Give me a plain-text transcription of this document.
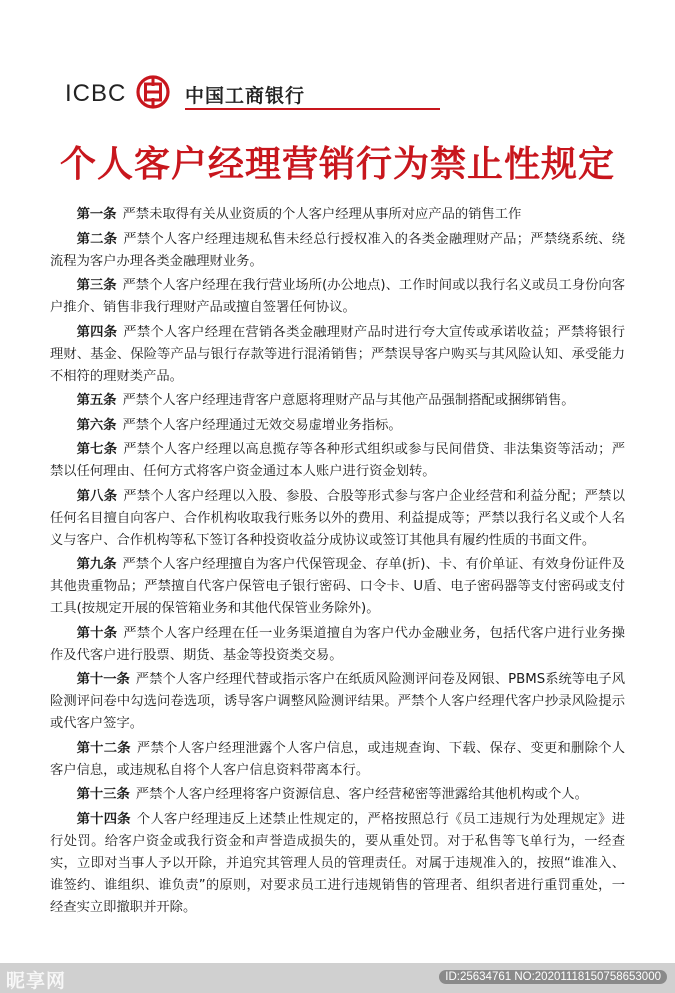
ICBC	中国工商银行
个人客户经理营销行为禁止性规定

第一条 严禁未取得有关从业资质的个人客户经理从事所对应产品的销售工作

第二条 严禁个人客户经理违规私售未经总行授权准入的各类金融理财产品；严禁绕系统、绕流程为客户办理各类金融理财业务。

第三条 严禁个人客户经理在我行营业场所(办公地点)、工作时间或以我行名义或员工身份向客户推介、销售非我行理财产品或擅自签署任何协议。

第四条 严禁个人客户经理在营销各类金融理财产品时进行夸大宣传或承诺收益；严禁将银行理财、基金、保险等产品与银行存款等进行混淆销售；严禁误导客户购买与其风险认知、承受能力不相符的理财类产品。

第五条 严禁个人客户经理违背客户意愿将理财产品与其他产品强制搭配或捆绑销售。

第六条 严禁个人客户经理通过无效交易虚增业务指标。

第七条 严禁个人客户经理以高息揽存等各种形式组织或参与民间借贷、非法集资等活动；严禁以任何理由、任何方式将客户资金通过本人账户进行资金划转。

第八条 严禁个人客户经理以入股、参股、合股等形式参与客户企业经营和利益分配；严禁以任何名目擅自向客户、合作机构收取我行账务以外的费用、利益提成等；严禁以我行名义或个人名义与客户、合作机构等私下签订各种投资收益分成协议或签订其他具有履约性质的书面文件。

第九条 严禁个人客户经理擅自为客户代保管现金、存单(折)、卡、有价单证、有效身份证件及其他贵重物品；严禁擅自代客户保管电子银行密码、口令卡、U盾、电子密码器等支付密码或支付工具(按规定开展的保管箱业务和其他代保管业务除外)。

第十条 严禁个人客户经理在任一业务渠道擅自为客户代办金融业务，包括代客户进行业务操作及代客户进行股票、期货、基金等投资类交易。

第十一条 严禁个人客户经理代替或指示客户在纸质风险测评问卷及网银、PBMS系统等电子风险测评问卷中勾选问卷选项，诱导客户调整风险测评结果。严禁个人客户经理代客户抄录风险提示或代客户签字。

第十二条 严禁个人客户经理泄露个人客户信息，或违规查询、下载、保存、变更和删除个人客户信息，或违规私自将个人客户信息资料带离本行。

第十三条 严禁个人客户经理将客户资源信息、客户经营秘密等泄露给其他机构或个人。

第十四条 个人客户经理违反上述禁止性规定的，严格按照总行《员工违规行为处理规定》进行处罚。给客户资金或我行资金和声誉造成损失的，要从重处罚。对于私售等飞单行为，一经查实，立即对当事人予以开除，并追究其管理人员的管理责任。对属于违规准入的，按照“谁准入、谁签约、谁组织、谁负责”的原则，对要求员工进行违规销售的管理者、组织者进行重罚重处，一经查实立即撤职并开除。

昵享网	ID:25634761 NO:20201118150758653000
